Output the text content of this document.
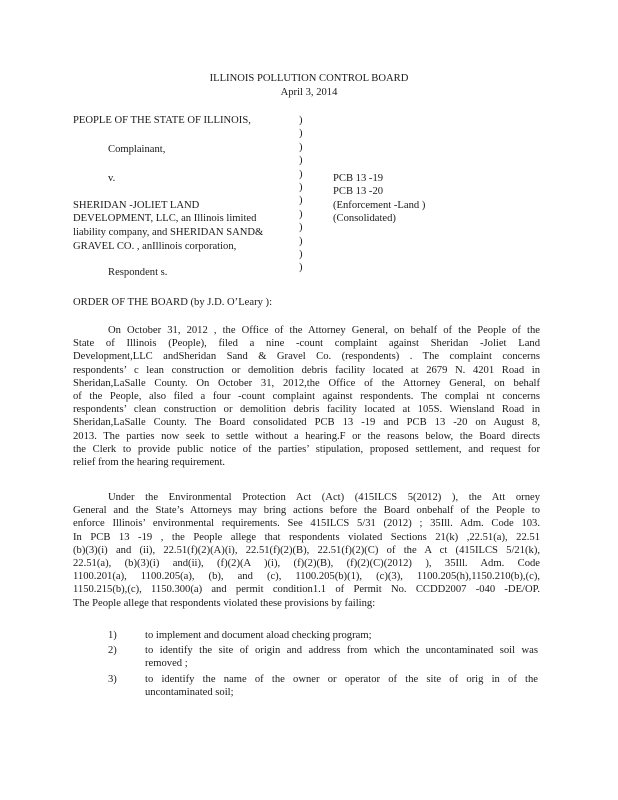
ILLINOIS POLLUTION CONTROL BOARD
April 3, 2014
PEOPLE OF THE STATE OF ILLINOIS,
Complainant,
v.
SHERIDAN -JOLIET LAND
DEVELOPMENT, LLC, an Illinois limited
liability company, and SHERIDAN SAND&
GRAVEL CO. , anIllinois corporation,
Respondent s.
)
)
)
)
)
)
)
)
)
)
)
)
PCB 13 -19
PCB 13 -20
(Enforcement -Land )
(Consolidated)
ORDER OF THE BOARD (by J.D. O’Leary ):
On October 31, 2012 , the Office of the Attorney General, on behalf of the People of the
State of Illinois (People), filed a nine -count complaint against Sheridan -Joliet Land
Development,LLC andSheridan Sand & Gravel Co. (respondents) . The complaint concerns
respondents’ c lean construction or demolition debris facility located at 2679 N. 4201 Road in
Sheridan,LaSalle County. On October 31, 2012,the Office of the Attorney General, on behalf
of the People, also filed a four -count complaint against respondents. The complai nt concerns
respondents’ clean construction or demolition debris facility located at 105S. Wiensland Road in
Sheridan,LaSalle County. The Board consolidated PCB 13 -19 and PCB 13 -20 on August 8,
2013. The parties now seek to settle without a hearing.F or the reasons below, the Board directs
the Clerk to provide public notice of the parties’ stipulation, proposed settlement, and request for
relief from the hearing requirement.
Under the Environmental Protection Act (Act) (415ILCS 5(2012) ), the Att orney
General and the State’s Attorneys may bring actions before the Board onbehalf of the People to
enforce Illinois’ environmental requirements. See 415ILCS 5/31 (2012) ; 35Ill. Adm. Code 103.
In PCB 13 -19 , the People allege that respondents violated Sections 21(k) ,22.51(a), 22.51
(b)(3)(i) and (ii), 22.51(f)(2)(A)(i), 22.51(f)(2)(B), 22.51(f)(2)(C) of the A ct (415ILCS 5/21(k),
22.51(a), (b)(3)(i) and(ii), (f)(2)(A )(i), (f)(2)(B), (f)(2)(C)(2012) ), 35Ill. Adm. Code
1100.201(a), 1100.205(a), (b), and (c), 1100.205(b)(1), (c)(3), 1100.205(h),1150.210(b),(c),
1150.215(b),(c), 1150.300(a) and permit condition1.1 of Permit No. CCDD2007 -040 -DE/OP.
The People allege that respondents violated these provisions by failing:
1)	to implement and document aload checking program;
2)	to identify the site of origin and address from which the uncontaminated soil was
removed ;
3)	to identify the name of the owner or operator of the site of orig in of the
uncontaminated soil;
